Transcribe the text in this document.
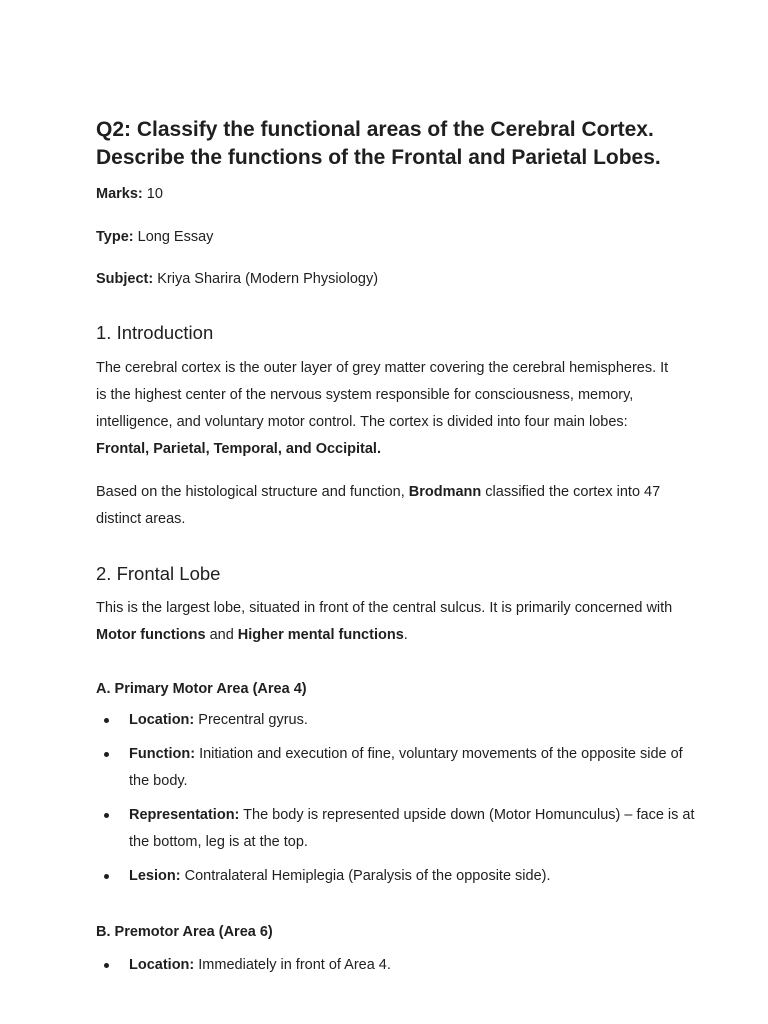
Q2: Classify the functional areas of the Cerebral Cortex. Describe the functions of the Frontal and Parietal Lobes.

Marks: 10

Type: Long Essay

Subject: Kriya Sharira (Modern Physiology)

1. Introduction

The cerebral cortex is the outer layer of grey matter covering the cerebral hemispheres. It is the highest center of the nervous system responsible for consciousness, memory, intelligence, and voluntary motor control. The cortex is divided into four main lobes: Frontal, Parietal, Temporal, and Occipital.

Based on the histological structure and function, Brodmann classified the cortex into 47 distinct areas.

2. Frontal Lobe

This is the largest lobe, situated in front of the central sulcus. It is primarily concerned with Motor functions and Higher mental functions.

A. Primary Motor Area (Area 4)
Location: Precentral gyrus.
Function: Initiation and execution of fine, voluntary movements of the opposite side of the body.
Representation: The body is represented upside down (Motor Homunculus) – face is at the bottom, leg is at the top.
Lesion: Contralateral Hemiplegia (Paralysis of the opposite side).
B. Premotor Area (Area 6)
Location: Immediately in front of Area 4.
